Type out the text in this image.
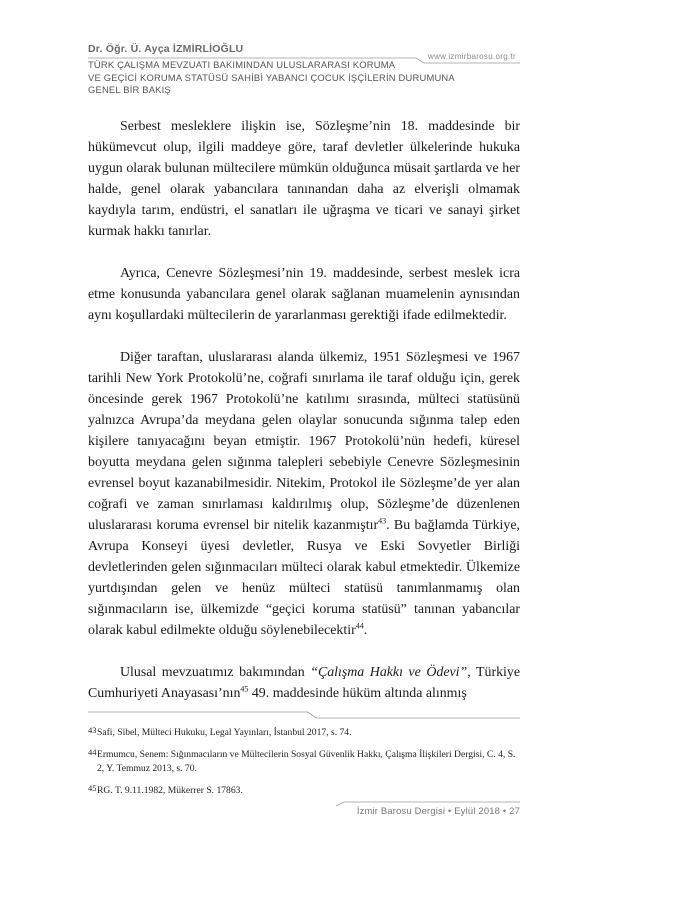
Dr. Öğr. Ü. Ayça İZMİRLİOĞLU
www.izmirbarosu.org.tr
TÜRK ÇALIŞMA MEVZUATI BAKIMINDAN ULUSLARARASI KORUMA
VE GEÇİCİ KORUMA STATÜSÜ SAHİBİ YABANCI ÇOCUK İŞÇİLERİN DURUMUNA
GENEL BİR BAKIŞ

Serbest mesleklere ilişkin ise, Sözleşme’nin 18. maddesinde bir hükümevcut olup, ilgili maddeye göre, taraf devletler ülkelerinde hukuka uygun olarak bulunan mültecilere mümkün olduğunca müsait şartlarda ve her halde, genel olarak yabancılara tanınandan daha az elverişli olmamak kaydıyla tarım, endüstri, el sanatları ile uğraşma ve ticari ve sanayi şirket kurmak hakkı tanırlar.

Ayrıca, Cenevre Sözleşmesi’nin 19. maddesinde, serbest meslek icra etme konusunda yabancılara genel olarak sağlanan muamelenin aynısından aynı koşullardaki mültecilerin de yararlanması gerektiği ifade edilmektedir.

Diğer taraftan, uluslararası alanda ülkemiz, 1951 Sözleşmesi ve 1967 tarihli New York Protokolü’ne, coğrafi sınırlama ile taraf olduğu için, gerek öncesinde gerek 1967 Protokolü’ne katılımı sırasında, mülteci statüsünü yalnızca Avrupa’da meydana gelen olaylar sonucunda sığınma talep eden kişilere tanıyacağını beyan etmiştir. 1967 Protokolü’nün hedefi, küresel boyutta meydana gelen sığınma talepleri sebebiyle Cenevre Sözleşmesinin evrensel boyut kazanabilmesidir. Nitekim, Protokol ile Sözleşme’de yer alan coğrafi ve zaman sınırlaması kaldırılmış olup, Sözleşme’de düzenlenen uluslararası koruma evrensel bir nitelik kazanmıştır$^{43}$. Bu bağlamda Türkiye, Avrupa Konseyi üyesi devletler, Rusya ve Eski Sovyetler Birliği devletlerinden gelen sığınmacıları mülteci olarak kabul etmektedir. Ülkemize yurtdışından gelen ve henüz mülteci statüsü tanımlanmamış olan sığınmacıların ise, ülkemizde “geçici koruma statüsü” tanınan yabancılar olarak kabul edilmekte olduğu söylenebilecektir$^{44}$.

Ulusal mevzuatımız bakımından “Çalışma Hakkı ve Ödevi”, Türkiye Cumhuriyeti Anayasası’nın$^{45}$ 49. maddesinde hüküm altında alınmış

43 Safi, Sibel, Mülteci Hukuku, Legal Yayınları, İstanbul 2017, s. 74.
44 Ermumcu, Senem: Sığınmacıların ve Mültecilerin Sosyal Güvenlik Hakkı, Çalışma İlişkileri Dergisi, C. 4, S. 2, Y. Temmuz 2013, s. 70.
45 RG. T. 9.11.1982, Mükerrer S. 17863.
İzmir Barosu Dergisi • Eylül 2018 • 27
